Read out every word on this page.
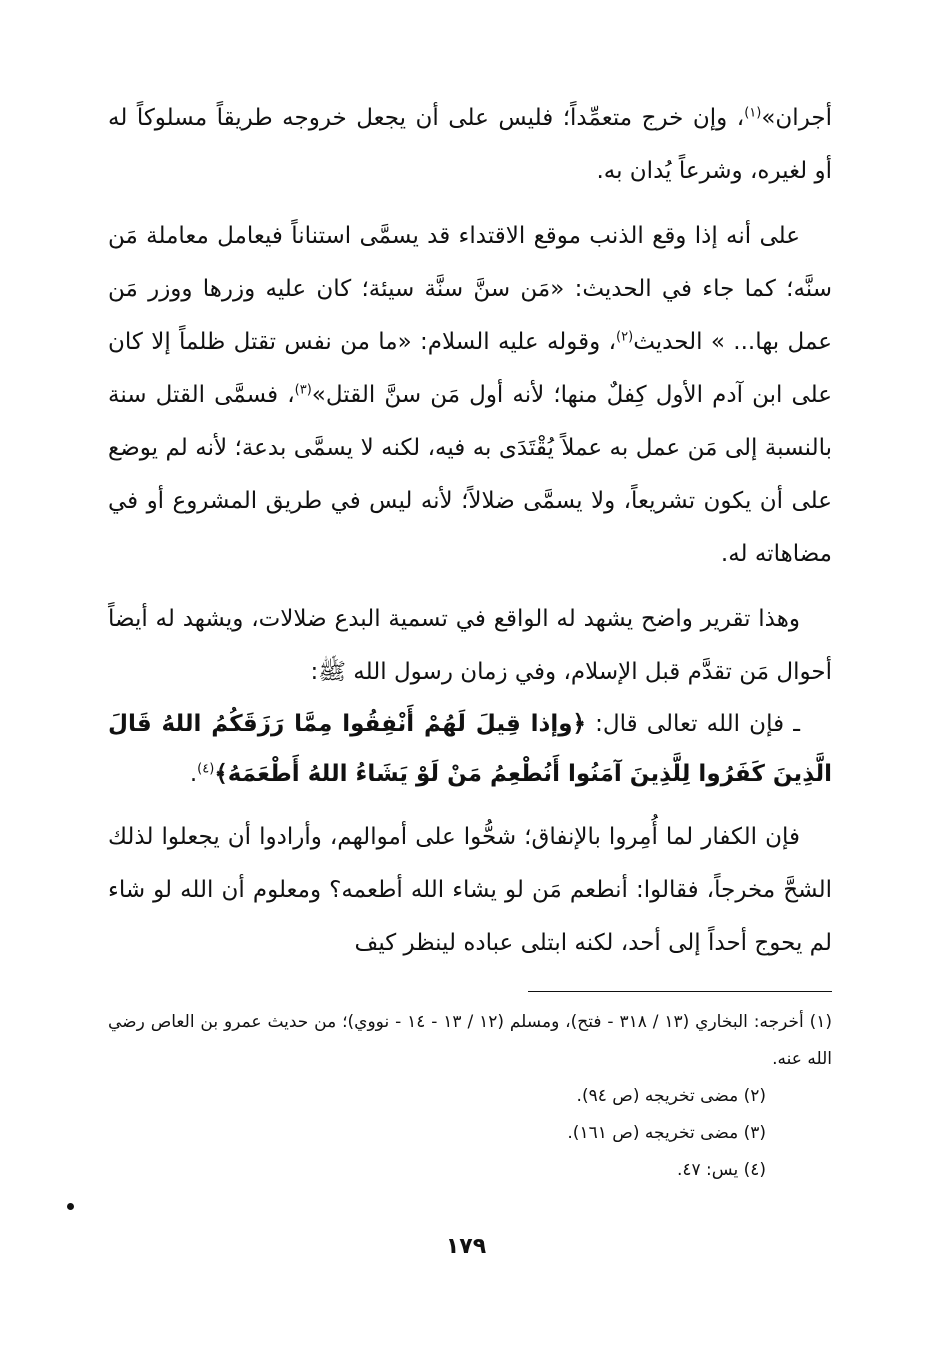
أجران»$^{(١)}$، وإن خرج متعمِّداً؛ فليس على أن يجعل خروجه طريقاً مسلوكاً له أو لغيره، وشرعاً يُدان به.

على أنه إذا وقع الذنب موقع الاقتداء قد يسمَّى استناناً فيعامل معاملة مَن سنَّه؛ كما جاء في الحديث: «مَن سنَّ سنَّة سيئة؛ كان عليه وزرها ووزر مَن عمل بها... » الحديث$^{(٢)}$، وقوله عليه السلام: «ما من نفس تقتل ظلماً إلا كان على ابن آدم الأول كِفلٌ منها؛ لأنه أول مَن سنَّ القتل»$^{(٣)}$، فسمَّى القتل سنة بالنسبة إلى مَن عمل به عملاً يُقْتَدَى به فيه، لكنه لا يسمَّى بدعة؛ لأنه لم يوضع على أن يكون تشريعاً، ولا يسمَّى ضلالاً؛ لأنه ليس في طريق المشروع أو في مضاهاته له.

وهذا تقرير واضح يشهد له الواقع في تسمية البدع ضلالات، ويشهد له أيضاً أحوال مَن تقدَّم قبل الإسلام، وفي زمان رسول الله ﷺ:

ـ فإن الله تعالى قال: ﴿وإذا قِيلَ لَهُمْ أَنْفِقُوا مِمَّا رَزَقَكُمُ اللهُ قَالَ الَّذِينَ كَفَرُوا لِلَّذِينَ آمَنُوا أَنُطْعِمُ مَنْ لَوْ يَشَاءُ اللهُ أَطْعَمَهُ﴾$^{(٤)}$.

فإن الكفار لما أُمِروا بالإنفاق؛ شحُّوا على أموالهم، وأرادوا أن يجعلوا لذلك الشحَّ مخرجاً، فقالوا: أنطعم مَن لو يشاء الله أطعمه؟ ومعلوم أن الله لو شاء لم يحوج أحداً إلى أحد، لكنه ابتلى عباده لينظر كيف

(١) أخرجه: البخاري (١٣ / ٣١٨ - فتح)، ومسلم (١٢ / ١٣ - ١٤ - نووي)؛ من حديث عمرو بن العاص رضي الله عنه.

(٢) مضى تخريجه (ص ٩٤).

(٣) مضى تخريجه (ص ١٦١).

(٤) يس: ٤٧.

١٧٩
